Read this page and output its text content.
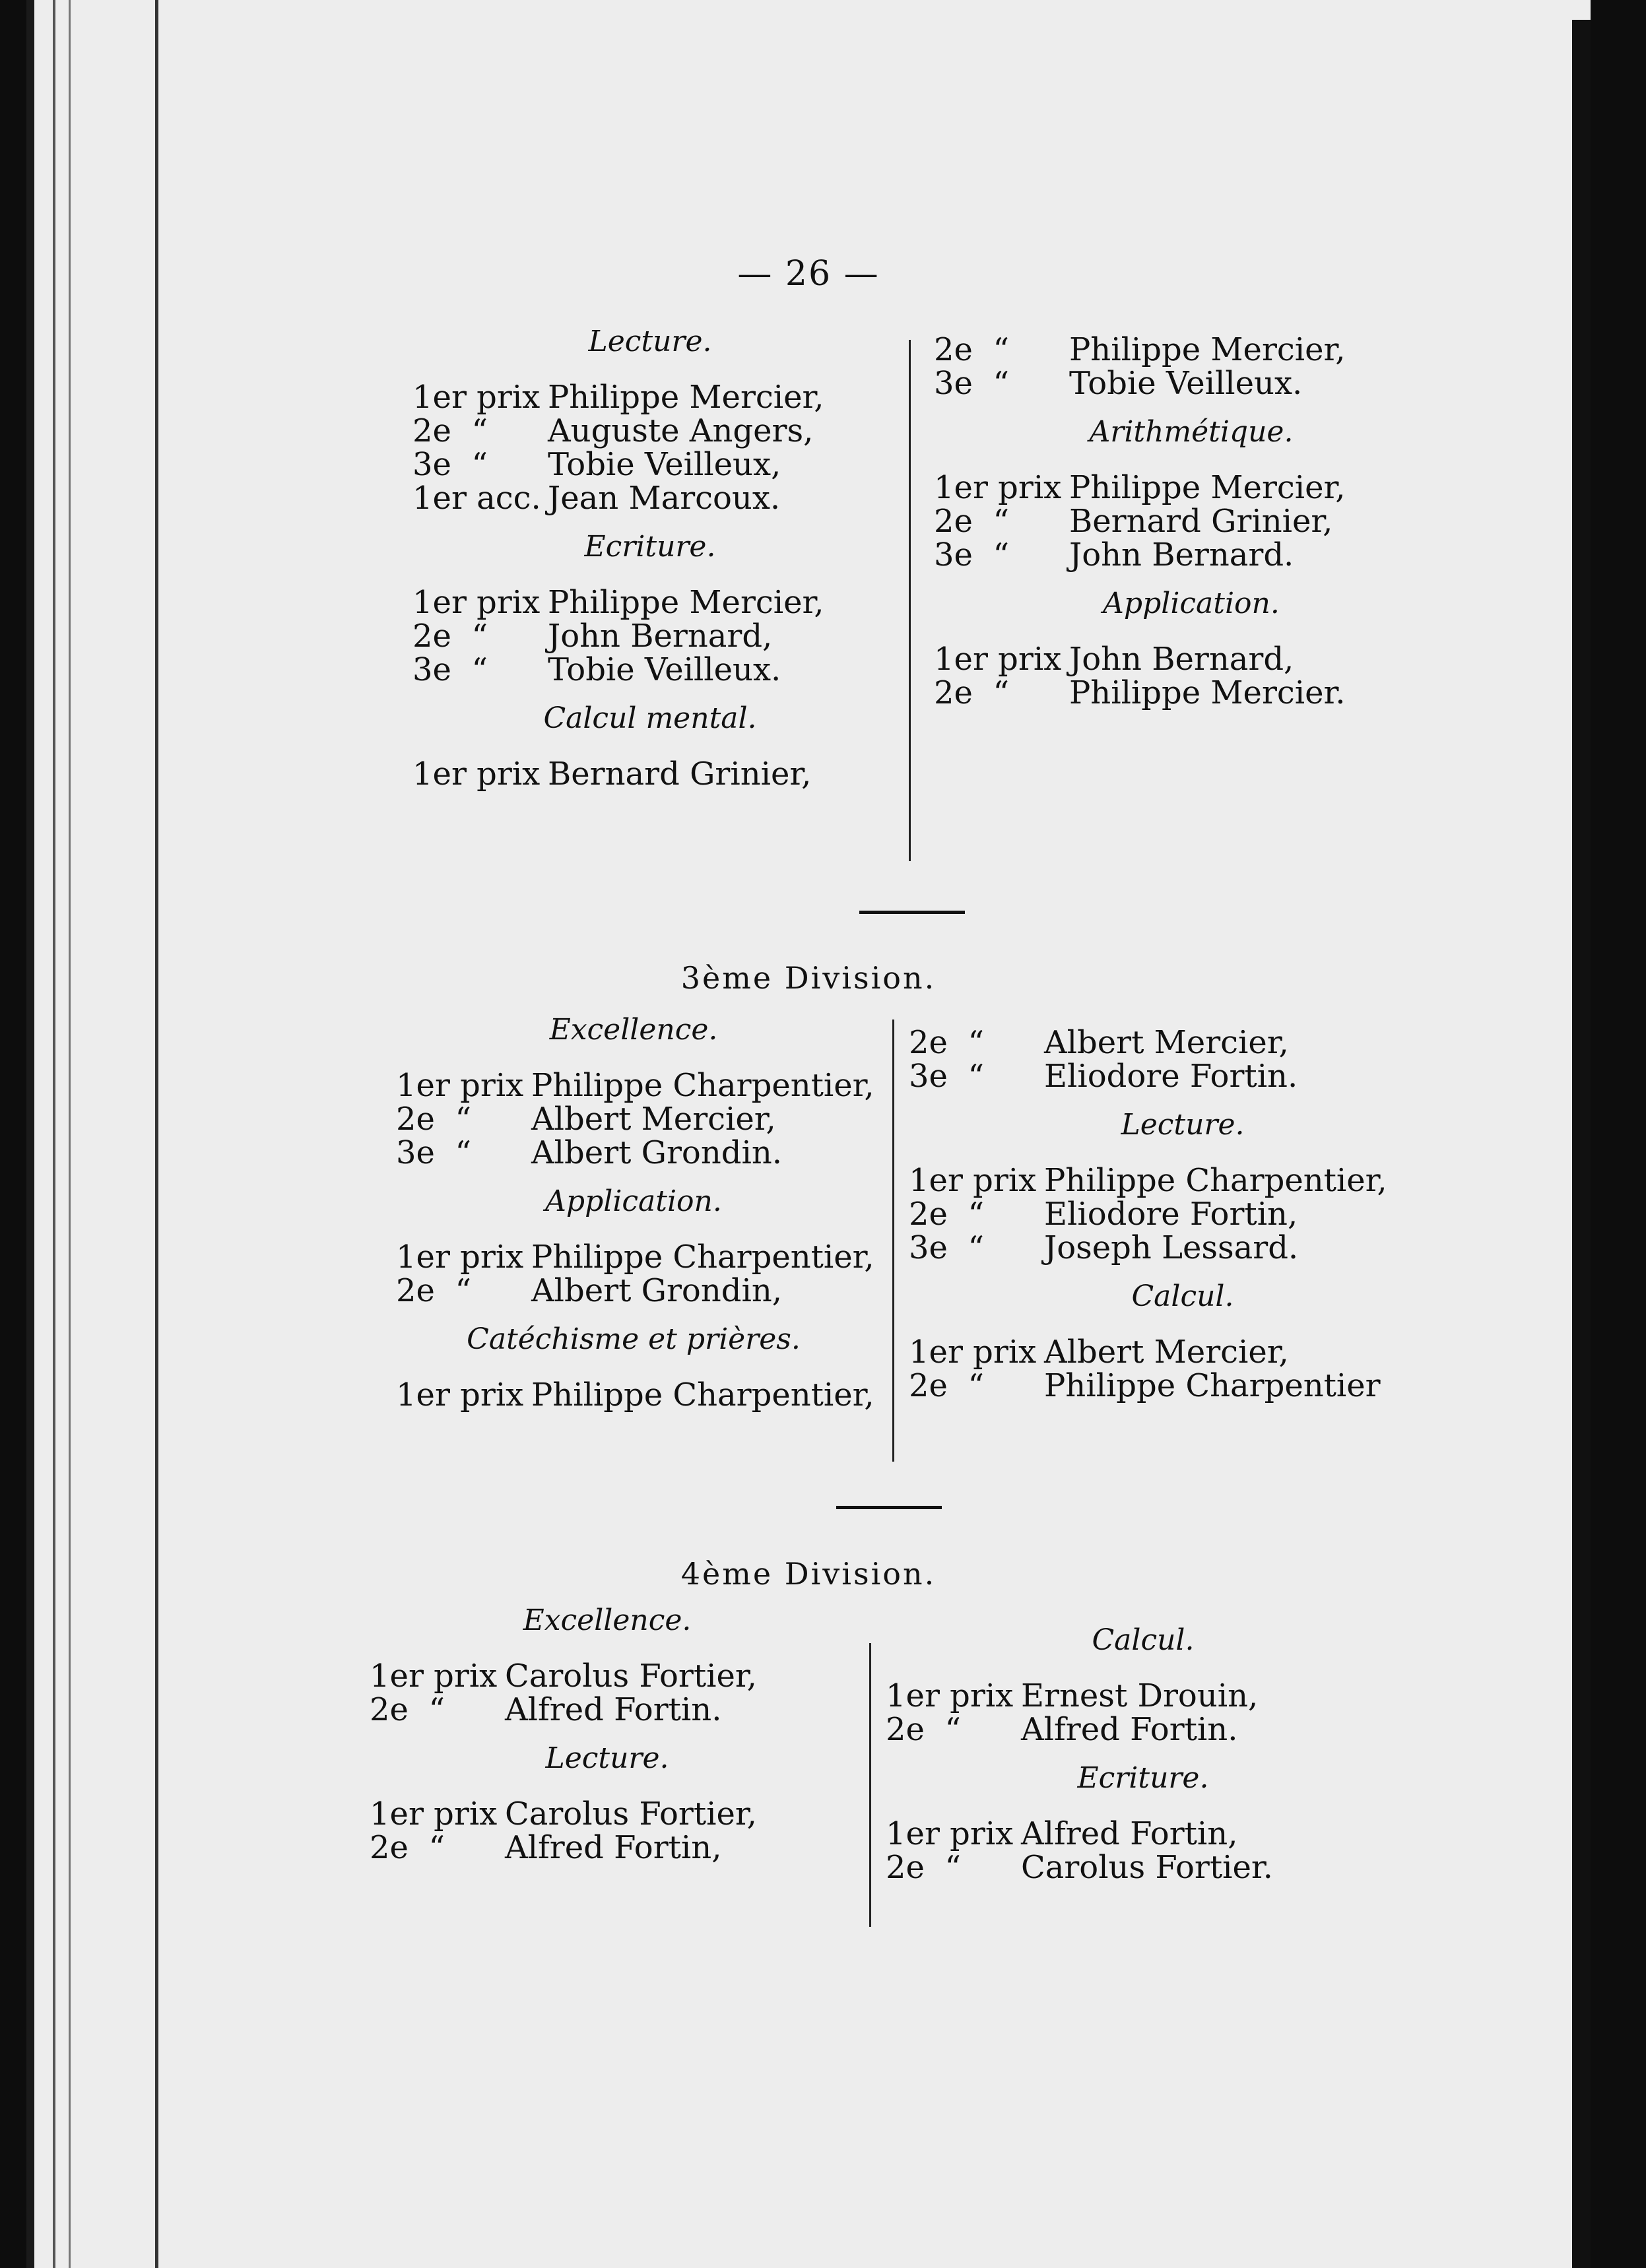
— 26 —
Lecture.
1er prix Philippe Mercier,
2e  “	Auguste Angers,
3e  “	Tobie Veilleux,
1er acc. Jean Marcoux.
Ecriture.
1er prix Philippe Mercier,
2e  “	John Bernard,
3e  “	Tobie Veilleux.
Calcul mental.
1er prix Bernard Grinier,
2e  “	Philippe Mercier,
3e  “	Tobie Veilleux.
Arithmétique.
1er prix Philippe Mercier,
2e  “	Bernard Grinier,
3e  “	John Bernard.
Application.
1er prix John Bernard,
2e  “	Philippe Mercier.
3ème Division.
Excellence.
1er prix Philippe Charpentier,
2e  “	Albert Mercier,
3e  “	Albert Grondin.
Application.
1er prix Philippe Charpentier,
2e  “	Albert Grondin,
Catéchisme et prières.
1er prix Philippe Charpentier,
2e  “	Albert Mercier,
3e  “	Eliodore Fortin.
Lecture.
1er prix Philippe Charpentier,
2e  “	Eliodore Fortin,
3e  “	Joseph Lessard.
Calcul.
1er prix Albert Mercier,
2e  “	Philippe Charpentier
4ème Division.
Excellence.
1er prix Carolus Fortier,
2e  “	Alfred Fortin.
Lecture.
1er prix Carolus Fortier,
2e  “	Alfred Fortin,
Calcul.
1er prix Ernest Drouin,
2e  “	Alfred Fortin.
Ecriture.
1er prix Alfred Fortin,
2e  “	Carolus Fortier.
